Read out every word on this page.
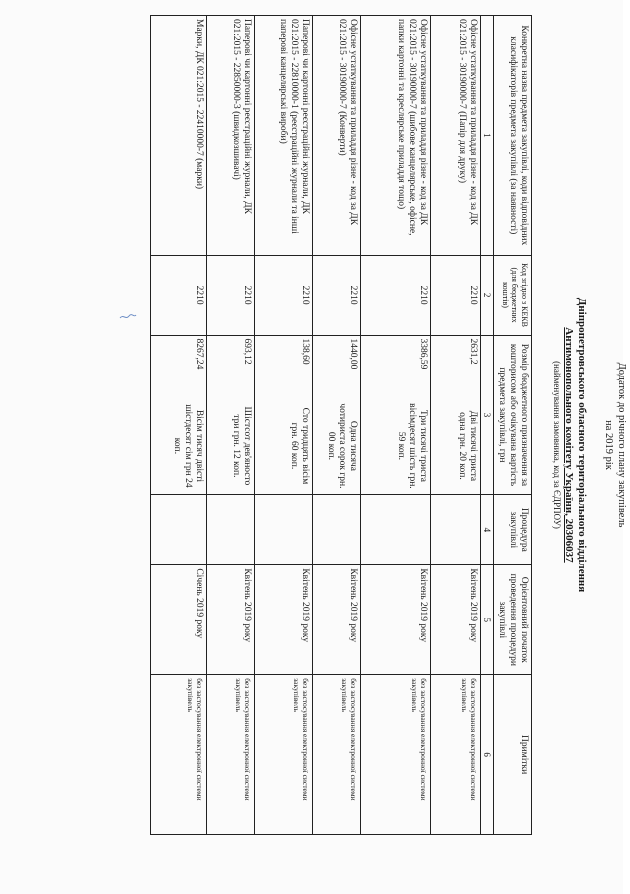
Додаток до річного плану закупівель
на 2019 рік
Дніпропетровського обласного територіального відділення
Антимонопольного комітету України, 20306037
(найменування замовника, код за ЄДРПОУ)
Конкретна назва предмета закупівлі, коди відповідних класифікаторів предмета закупівлі (за наявності)	Код згідно з КЕКВ (для бюджетних коштів)	Розмір бюджетного призначення за кошторисом або очікувана вартість предмета закупівлі, грн	Процедура закупівлі	Орієнтовний початок проведення процедури закупівлі	Примітки
1	2	3	4	5	6
Офісне устаткування та приладдя різне - код за ДК 021:2015 - 30190000-7 (Папір для друку)	2210	2631,2 Дві тисячі триста одна грн. 20 коп.		Квітень 2019 року	без застосування електронної системи закупівель
Офісне устаткування та приладдя різне - код за ДК 021:2015 - 30190000-7 (шибове канцелярське, офісне, папки картонні та креслярське приладдя тощо)	2210	3386,59 Три тисячі триста вісімдесят шість грн. 59 коп.		Квітень 2019 року	без застосування електронної системи закупівель
Офісне устаткування та приладдя різне - код за ДК 021:2015 - 30190000-7 (Конверти)	2210	1440,00 Одна тисяча чотириста сорок грн. 00 коп.		Квітень 2019 року	без застосування електронної системи закупівель
Паперові чи картонні реєстраційні журнали, ДК 021:2015 - 22810000-1 (реєстраційні журнали та інші паперові канцелярські вироби)	2210	138,60 Сто тридцять вісім грн. 60 коп.		Квітень 2019 року	без застосування електронної системи закупівель
Паперові чи картонні реєстраційні журнали, ДК 021:2015 - 22850000-3 (швидкозшивачі)	2210	693,12 Шістсот дев'яносто три грн. 12 коп.		Квітень 2019 року	без застосування електронної системи закупівель
Марки, ДК 021:2015 - 22410000-7 (марки)	2210	8267,24 Вісім тисяч двісті шістдесят сім грн 24 коп.		Січень 2019 року	без застосування електронної системи закупівель
